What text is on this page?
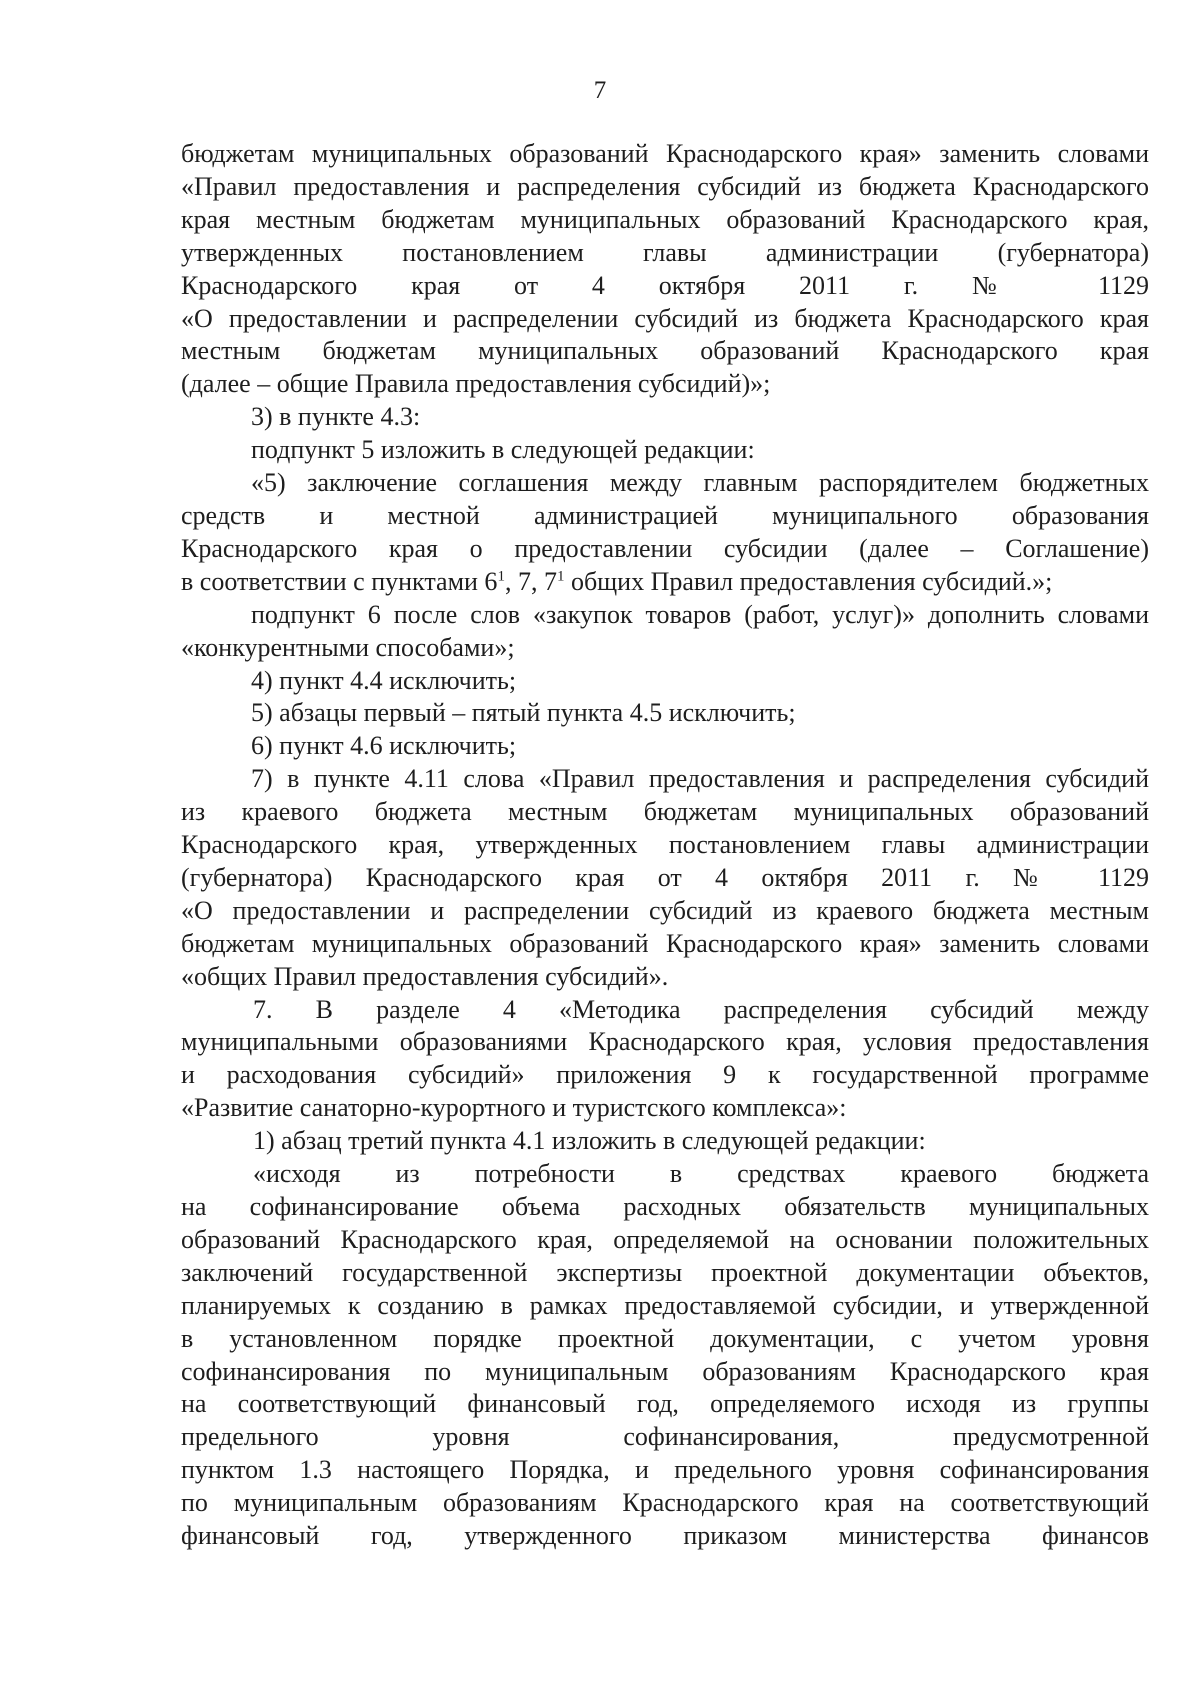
7

бюджетам муниципальных образований Краснодарского края» заменить словами
«Правил предоставления и распределения субсидий из бюджета Краснодарского
края местным бюджетам муниципальных образований Краснодарского края,
утвержденных постановлением главы администрации (губернатора)
Краснодарского края от 4 октября 2011 г. № 1129
«О предоставлении и распределении субсидий из бюджета Краснодарского края
местным бюджетам муниципальных образований Краснодарского края
(далее – общие Правила предоставления субсидий)»;

3) в пункте 4.3:

подпункт 5 изложить в следующей редакции:

«5) заключение соглашения между главным распорядителем бюджетных
средств и местной администрацией муниципального образования
Краснодарского края о предоставлении субсидии (далее – Соглашение)
в соответствии с пунктами $6^1$, 7, $7^1$ общих Правил предоставления субсидий.»;

подпункт 6 после слов «закупок товаров (работ, услуг)» дополнить словами
«конкурентными способами»;

4) пункт 4.4 исключить;

5) абзацы первый – пятый пункта 4.5 исключить;

6) пункт 4.6 исключить;

7) в пункте 4.11 слова «Правил предоставления и распределения субсидий
из краевого бюджета местным бюджетам муниципальных образований
Краснодарского края, утвержденных постановлением главы администрации
(губернатора) Краснодарского края от 4 октября 2011 г. № 1129
«О предоставлении и распределении субсидий из краевого бюджета местным
бюджетам муниципальных образований Краснодарского края» заменить словами
«общих Правил предоставления субсидий».

7. В разделе 4 «Методика распределения субсидий между
муниципальными образованиями Краснодарского края, условия предоставления
и расходования субсидий» приложения 9 к государственной программе
«Развитие санаторно-курортного и туристского комплекса»:

1) абзац третий пункта 4.1 изложить в следующей редакции:

«исходя из потребности в средствах краевого бюджета
на софинансирование объема расходных обязательств муниципальных
образований Краснодарского края, определяемой на основании положительных
заключений государственной экспертизы проектной документации объектов,
планируемых к созданию в рамках предоставляемой субсидии, и утвержденной
в установленном порядке проектной документации, с учетом уровня
софинансирования по муниципальным образованиям Краснодарского края
на соответствующий финансовый год, определяемого исходя из группы
предельного уровня софинансирования, предусмотренной
пунктом 1.3 настоящего Порядка, и предельного уровня софинансирования
по муниципальным образованиям Краснодарского края на соответствующий
финансовый год, утвержденного приказом министерства финансов
